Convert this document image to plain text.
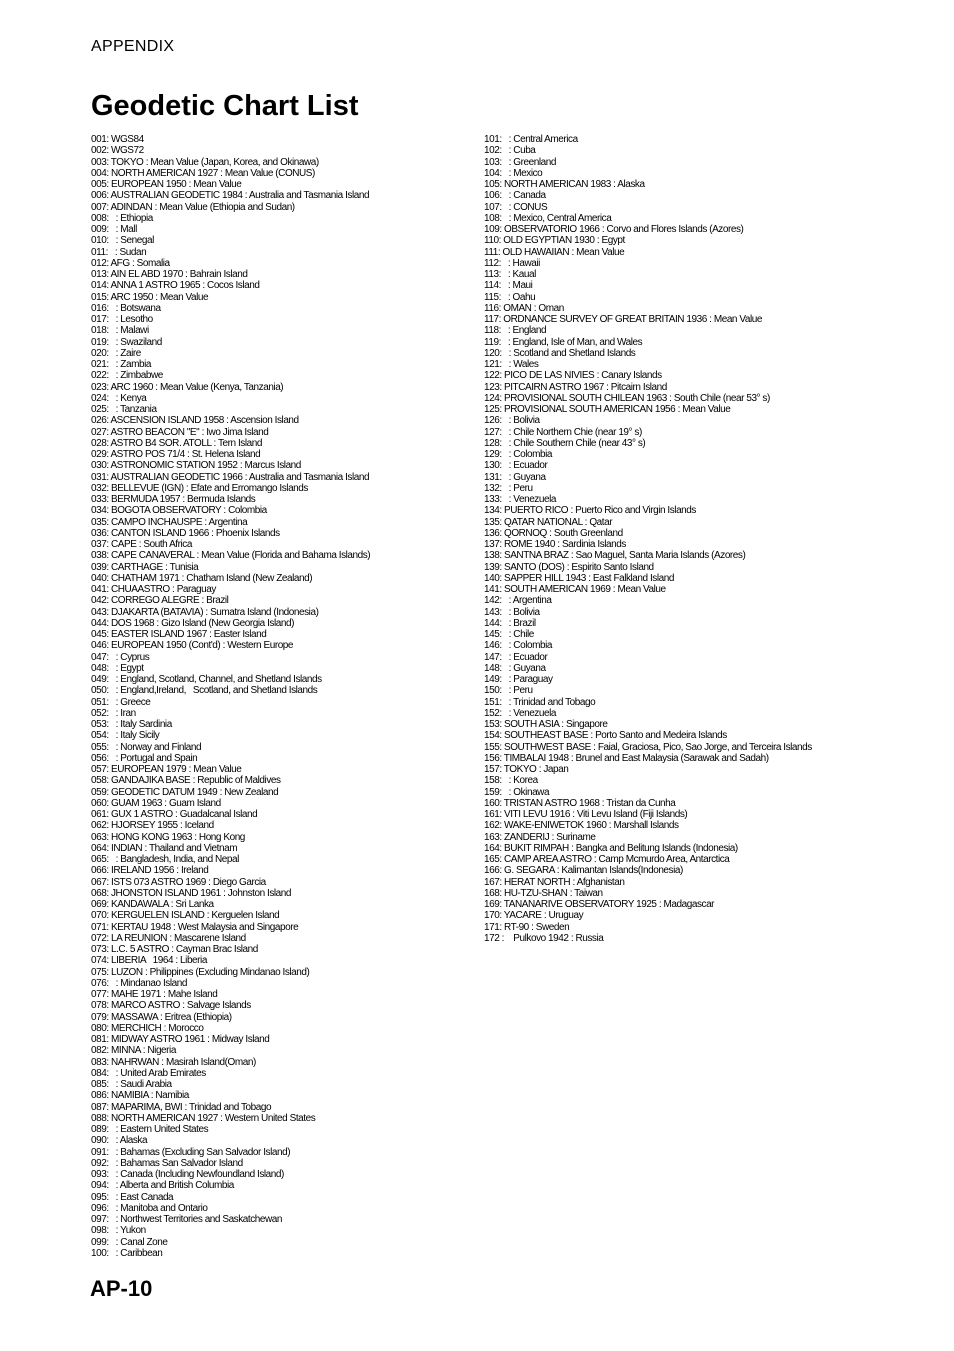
APPENDIX
Geodetic Chart List
001: WGS84
002: WGS72
003: TOKYO : Mean Value (Japan, Korea, and Okinawa)
004: NORTH AMERICAN 1927 : Mean Value (CONUS)
005: EUROPEAN 1950 : Mean Value
006: AUSTRALIAN GEODETIC 1984 : Australia and Tasmania Island
007: ADINDAN : Mean Value (Ethiopia and Sudan)
008:   : Ethiopia
009:   : Mall
010:   : Senegal
011:   : Sudan
012: AFG : Somalia
013: AIN EL ABD 1970 : Bahrain Island
014: ANNA 1 ASTRO 1965 : Cocos Island
015: ARC 1950 : Mean Value
016:   : Botswana
017:   : Lesotho
018:   : Malawi
019:   : Swaziland
020:   : Zaire
021:   : Zambia
022:   : Zimbabwe
023: ARC 1960 : Mean Value (Kenya, Tanzania)
024:   : Kenya
025:   : Tanzania
026: ASCENSION ISLAND 1958 : Ascension Island
027: ASTRO BEACON "E" : Iwo Jima Island
028: ASTRO B4 SOR. ATOLL : Tern Island
029: ASTRO POS 71/4 : St. Helena Island
030: ASTRONOMIC STATION 1952 : Marcus Island
031: AUSTRALIAN GEODETIC 1966 : Australia and Tasmania Island
032: BELLEVUE (IGN) : Efate and Erromango Islands
033: BERMUDA 1957 : Bermuda Islands
034: BOGOTA OBSERVATORY : Colombia
035: CAMPO INCHAUSPE : Argentina
036: CANTON ISLAND 1966 : Phoenix Islands
037: CAPE : South Africa
038: CAPE CANAVERAL : Mean Value (Florida and Bahama Islands)
039: CARTHAGE : Tunisia
040: CHATHAM 1971 : Chatham Island (New Zealand)
041: CHUAASTRO : Paraguay
042: CORREGO ALEGRE : Brazil
043: DJAKARTA (BATAVIA) : Sumatra Island (Indonesia)
044: DOS 1968 : Gizo Island (New Georgia Island)
045: EASTER ISLAND 1967 : Easter Island
046: EUROPEAN 1950 (Cont'd) : Western Europe
047:   : Cyprus
048:   : Egypt
049:   : England, Scotland, Channel, and Shetland Islands
050:   : England,Ireland,   Scotland, and Shetland Islands
051:   : Greece
052:   : Iran
053:   : Italy Sardinia
054:   : Italy Sicily
055:   : Norway and Finland
056:   : Portugal and Spain
057: EUROPEAN 1979 : Mean Value
058: GANDAJIKA BASE : Republic of Maldives
059: GEODETIC DATUM 1949 : New Zealand
060: GUAM 1963 : Guam Island
061: GUX 1 ASTRO : Guadalcanal Island
062: HJORSEY 1955 : Iceland
063: HONG KONG 1963 : Hong Kong
064: INDIAN : Thailand and Vietnam
065:   : Bangladesh, India, and Nepal
066: IRELAND 1956 : Ireland
067: ISTS 073 ASTRO 1969 : Diego Garcia
068: JHONSTON ISLAND 1961 : Johnston Island
069: KANDAWALA : Sri Lanka
070: KERGUELEN ISLAND : Kerguelen Island
071: KERTAU 1948 : West Malaysia and Singapore
072: LA REUNION : Mascarene Island
073: L.C. 5 ASTRO : Cayman Brac Island
074: LIBERIA   1964 : Liberia
075: LUZON : Philippines (Excluding Mindanao Island)
076:   : Mindanao Island
077: MAHE 1971 : Mahe Island
078: MARCO ASTRO : Salvage Islands
079: MASSAWA : Eritrea (Ethiopia)
080: MERCHICH : Morocco
081: MIDWAY ASTRO 1961 : Midway Island
082: MINNA : Nigeria
083: NAHRWAN : Masirah Island(Oman)
084:   : United Arab Emirates
085:   : Saudi Arabia
086: NAMIBIA : Namibia
087: MAPARIMA, BWI : Trinidad and Tobago
088: NORTH AMERICAN 1927 : Western United States
089:   : Eastern United States
090:   : Alaska
091:   : Bahamas (Excluding San Salvador Island)
092:   : Bahamas San Salvador Island
093:   : Canada (Including Newfoundland Island)
094:   : Alberta and British Columbia
095:   : East Canada
096:   : Manitoba and Ontario
097:   : Northwest Territories and Saskatchewan
098:   : Yukon
099:   : Canal Zone
100:   : Caribbean
101:   : Central America
102:   : Cuba
103:   : Greenland
104:   : Mexico
105: NORTH AMERICAN 1983 : Alaska
106:   : Canada
107:   : CONUS
108:   : Mexico, Central America
109: OBSERVATORIO 1966 : Corvo and Flores Islands (Azores)
110: OLD EGYPTIAN 1930 : Egypt
111: OLD HAWAIIAN : Mean Value
112:   : Hawaii
113:   : Kaual
114:   : Maui
115:   : Oahu
116: OMAN : Oman
117: ORDNANCE SURVEY OF GREAT BRITAIN 1936 : Mean Value
118:   : England
119:   : England, Isle of Man, and Wales
120:   : Scotland and Shetland Islands
121:   : Wales
122: PICO DE LAS NIVIES : Canary Islands
123: PITCAIRN ASTRO 1967 : Pitcairn Island
124: PROVISIONAL SOUTH CHILEAN 1963 : South Chile (near 53° s)
125: PROVISIONAL SOUTH AMERICAN 1956 : Mean Value
126:   : Bolivia
127:   : Chile Northern Chie (near 19° s)
128:   : Chile Southern Chile (near 43° s)
129:   : Colombia
130:   : Ecuador
131:   : Guyana
132:   : Peru
133:   : Venezuela
134: PUERTO RICO : Puerto Rico and Virgin Islands
135: QATAR NATIONAL : Qatar
136: QORNOQ : South Greenland
137: ROME 1940 : Sardinia Islands
138: SANTNA BRAZ : Sao Maguel, Santa Maria Islands (Azores)
139: SANTO (DOS) : Espirito Santo Island
140: SAPPER HILL 1943 : East Falkland Island
141: SOUTH AMERICAN 1969 : Mean Value
142:   : Argentina
143:   : Bolivia
144:   : Brazil
145:   : Chile
146:   : Colombia
147:   : Ecuador
148:   : Guyana
149:   : Paraguay
150:   : Peru
151:   : Trinidad and Tobago
152:   : Venezuela
153: SOUTH ASIA : Singapore
154: SOUTHEAST BASE : Porto Santo and Medeira Islands
155: SOUTHWEST BASE : Faial, Graciosa, Pico, Sao Jorge, and Terceira Islands
156: TIMBALAI 1948 : Brunel and East Malaysia (Sarawak and Sadah)
157: TOKYO : Japan
158:   : Korea
159:   : Okinawa
160: TRISTAN ASTRO 1968 : Tristan da Cunha
161: VITI LEVU 1916 : Viti Levu Island (Fiji Islands)
162: WAKE-ENIWETOK 1960 : Marshall Islands
163: ZANDERIJ : Suriname
164: BUKIT RIMPAH : Bangka and Belitung Islands (Indonesia)
165: CAMP AREA ASTRO : Camp Mcmurdo Area, Antarctica
166: G. SEGARA : Kalimantan Islands(Indonesia)
167: HERAT NORTH : Afghanistan
168: HU-TZU-SHAN : Taiwan
169: TANANARIVE OBSERVATORY 1925 : Madagascar
170: YACARE : Uruguay
171: RT-90 : Sweden
172 :    Pulkovo 1942 : Russia
AP-10
